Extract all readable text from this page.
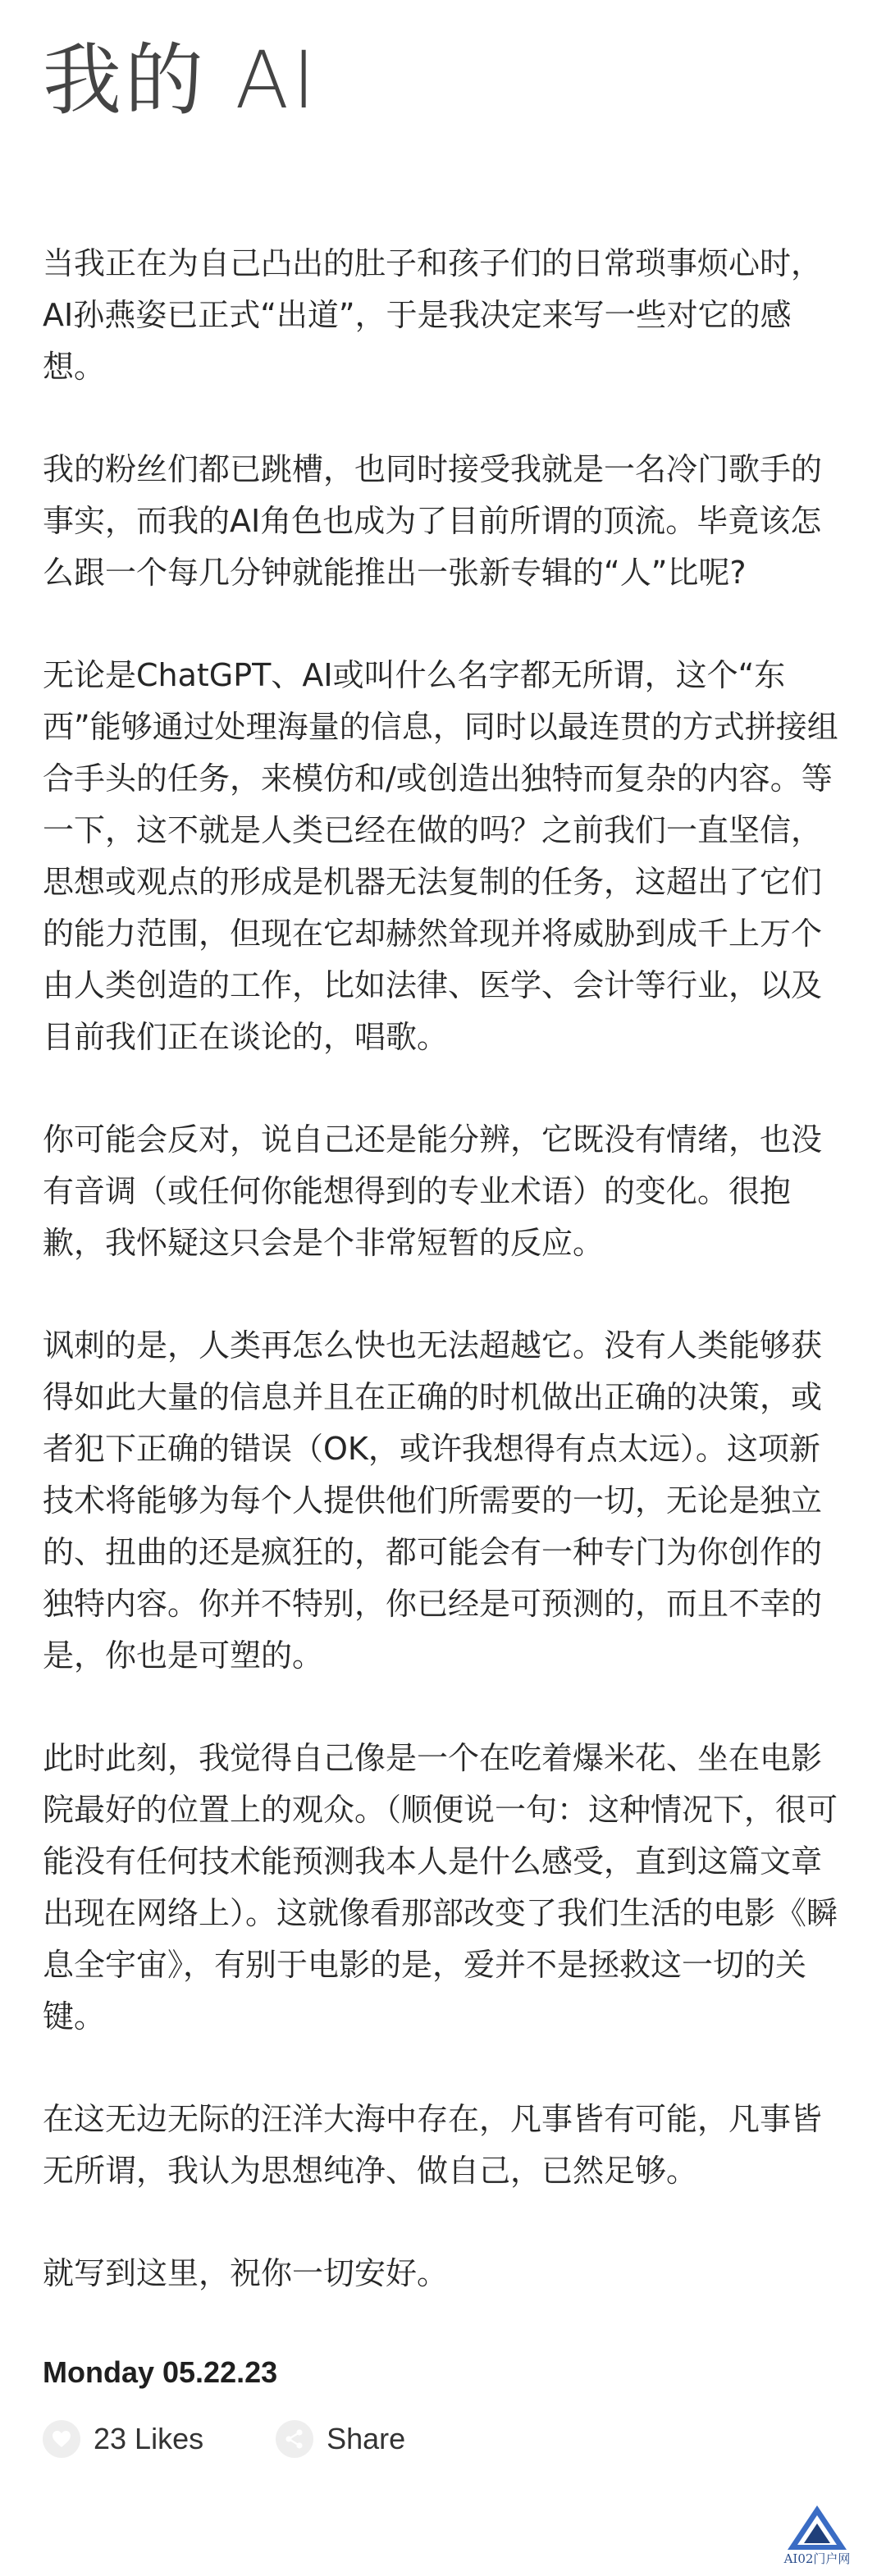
我的 AI

当我正在为自己凸出的肚子和孩子们的日常琐事烦心时，AI孙燕姿已正式“出道”，于是我决定来写一些对它的感想。

我的粉丝们都已跳槽，也同时接受我就是一名冷门歌手的事实，而我的AI角色也成为了目前所谓的顶流。毕竟该怎么跟一个每几分钟就能推出一张新专辑的“人”比呢?

无论是ChatGPT、AI或叫什么名字都无所谓，这个“东西”能够通过处理海量的信息，同时以最连贯的方式拼接组合手头的任务，来模仿和/或创造出独特而复杂的内容。等一下，这不就是人类已经在做的吗？之前我们一直坚信，思想或观点的形成是机器无法复制的任务，这超出了它们的能力范围，但现在它却赫然耸现并将威胁到成千上万个由人类创造的工作，比如法律、医学、会计等行业，以及目前我们正在谈论的，唱歌。

你可能会反对，说自己还是能分辨，它既没有情绪，也没有音调（或任何你能想得到的专业术语）的变化。很抱歉，我怀疑这只会是个非常短暂的反应。

讽刺的是，人类再怎么快也无法超越它。没有人类能够获得如此大量的信息并且在正确的时机做出正确的决策，或者犯下正确的错误（OK，或许我想得有点太远）。这项新技术将能够为每个人提供他们所需要的一切，无论是独立的、扭曲的还是疯狂的，都可能会有一种专门为你创作的独特内容。你并不特别，你已经是可预测的，而且不幸的是，你也是可塑的。

此时此刻，我觉得自己像是一个在吃着爆米花、坐在电影院最好的位置上的观众。（顺便说一句：这种情况下，很可能没有任何技术能预测我本人是什么感受，直到这篇文章出现在网络上）。这就像看那部改变了我们生活的电影《瞬息全宇宙》，有别于电影的是，爱并不是拯救这一切的关键。

在这无边无际的汪洋大海中存在，凡事皆有可能，凡事皆无所谓，我认为思想纯净、做自己，已然足够。

就写到这里，祝你一切安好。

Monday 05.22.23
23 Likes	Share
AI02门户网
